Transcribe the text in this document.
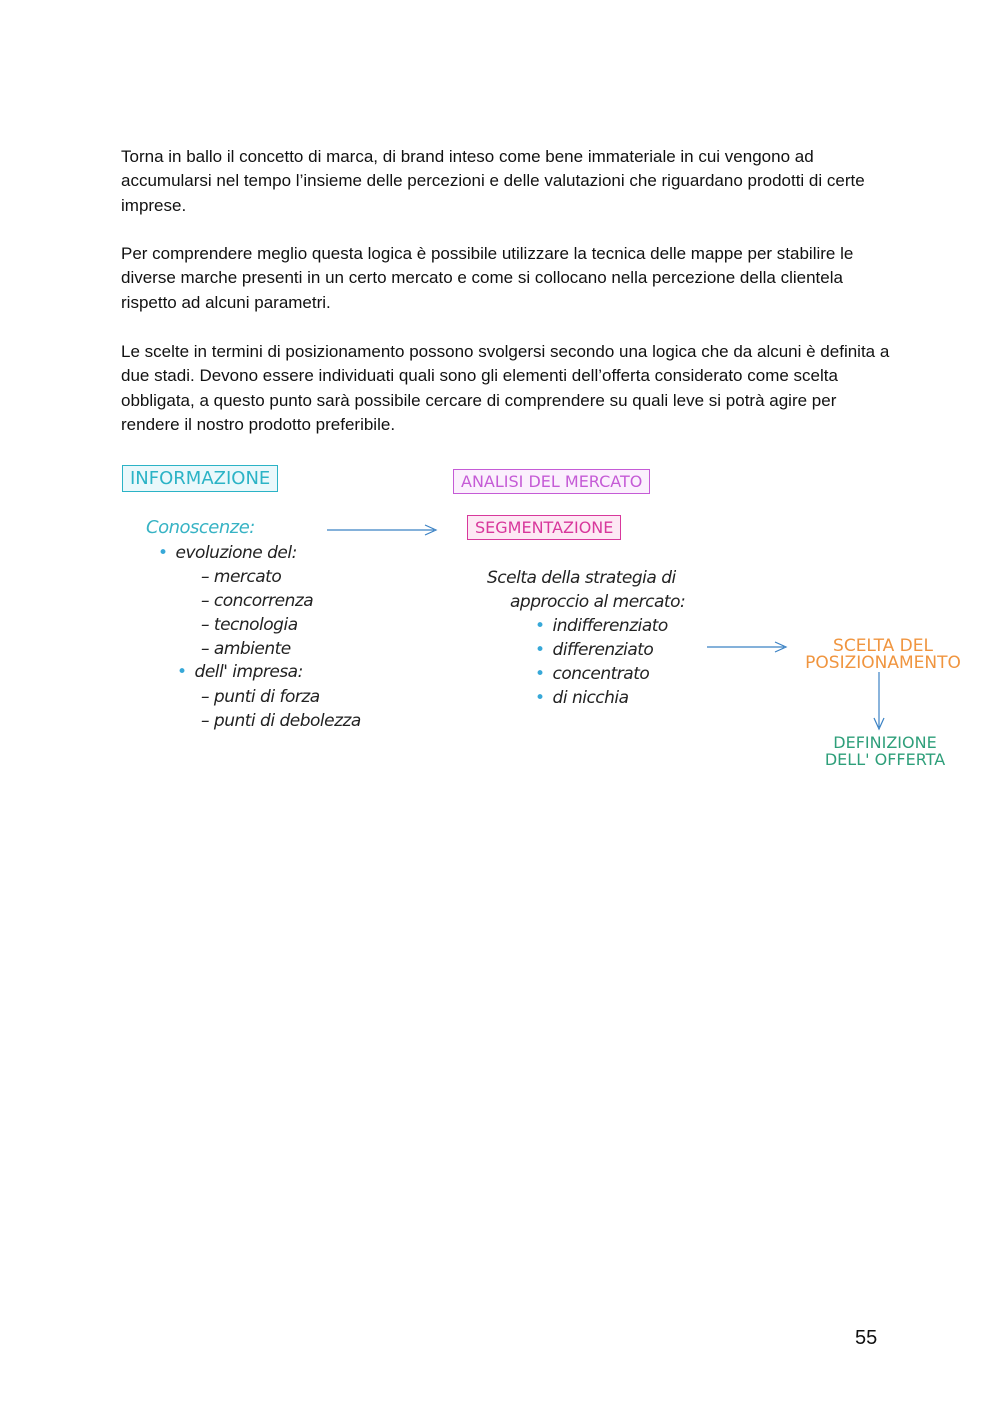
Torna in ballo il concetto di marca, di brand inteso come bene immateriale in cui vengono ad accumularsi nel tempo l’insieme delle percezioni e delle valutazioni che riguardano prodotti di certe imprese.

Per comprendere meglio questa logica è possibile utilizzare la tecnica delle mappe per stabilire le diverse marche presenti in un certo mercato e come si collocano nella percezione della clientela rispetto ad alcuni parametri.

Le scelte in termini di posizionamento possono svolgersi secondo una logica che da alcuni è definita a due stadi. Devono essere individuati quali sono gli elementi dell’offerta considerato come scelta obbligata, a questo punto sarà possibile cercare di comprendere su quali leve si potrà agire per rendere il nostro prodotto preferibile.

INFORMAZIONE	ANALISI DEL MERCATO
SEGMENTAZIONE
Conoscenze:
• evoluzione del:
– mercato
– concorrenza
– tecnologia
– ambiente
• dell' impresa:
– punti di forza
– punti di debolezza
Scelta della strategia di
approccio al mercato:
• indifferenziato
• differenziato
• concentrato
• di nicchia
SCELTA DEL
POSIZIONAMENTO
DEFINIZIONE
DELL' OFFERTA
55
